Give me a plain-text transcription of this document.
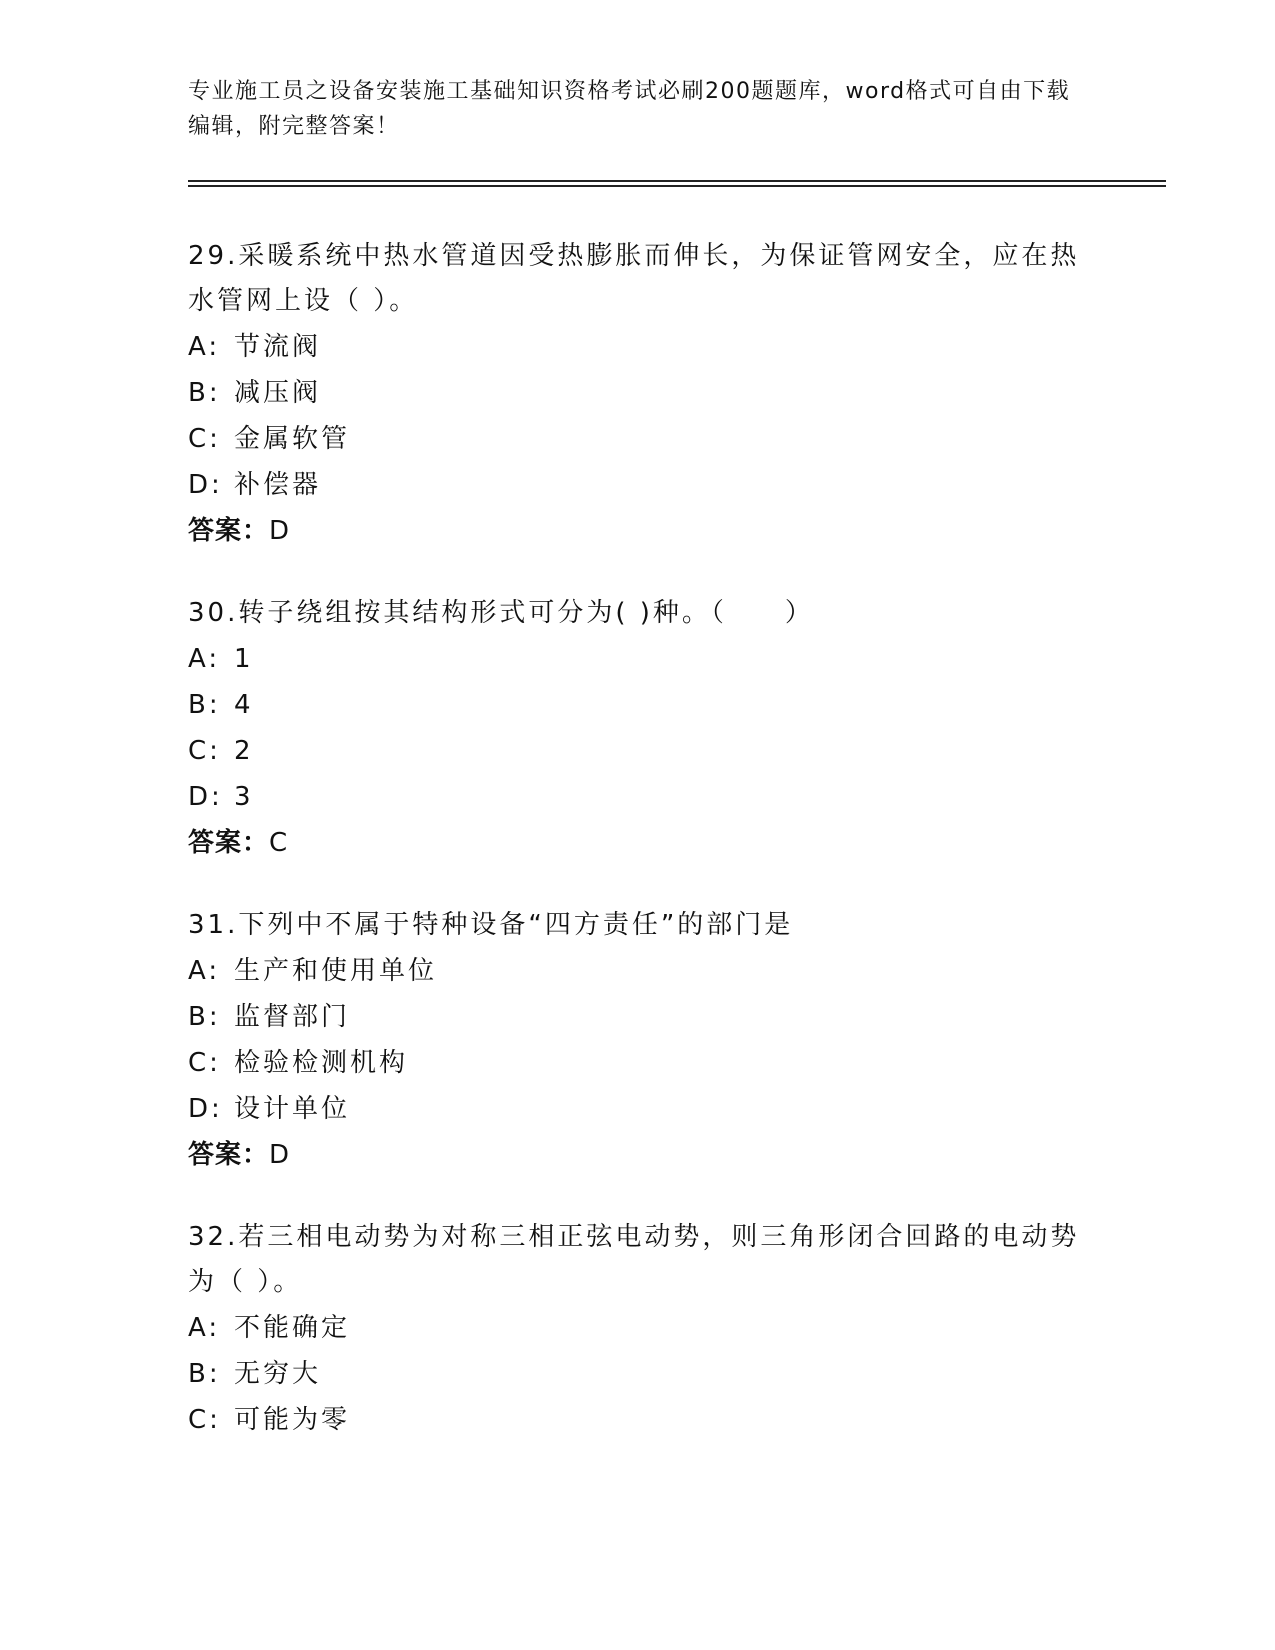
专业施工员之设备安装施工基础知识资格考试必刷200题题库，word格式可自由下载编辑，附完整答案！

29.采暖系统中热水管道因受热膨胀而伸长，为保证管网安全，应在热水管网上设（ ）。

A: 节流阀

B: 减压阀

C: 金属软管

D: 补偿器

答案：D

30.转子绕组按其结构形式可分为( )种。（　　）

A: 1

B: 4

C: 2

D: 3

答案：C

31.下列中不属于特种设备“四方责任”的部门是

A: 生产和使用单位

B: 监督部门

C: 检验检测机构

D: 设计单位

答案：D

32.若三相电动势为对称三相正弦电动势，则三角形闭合回路的电动势为（ ）。

A: 不能确定

B: 无穷大

C: 可能为零
